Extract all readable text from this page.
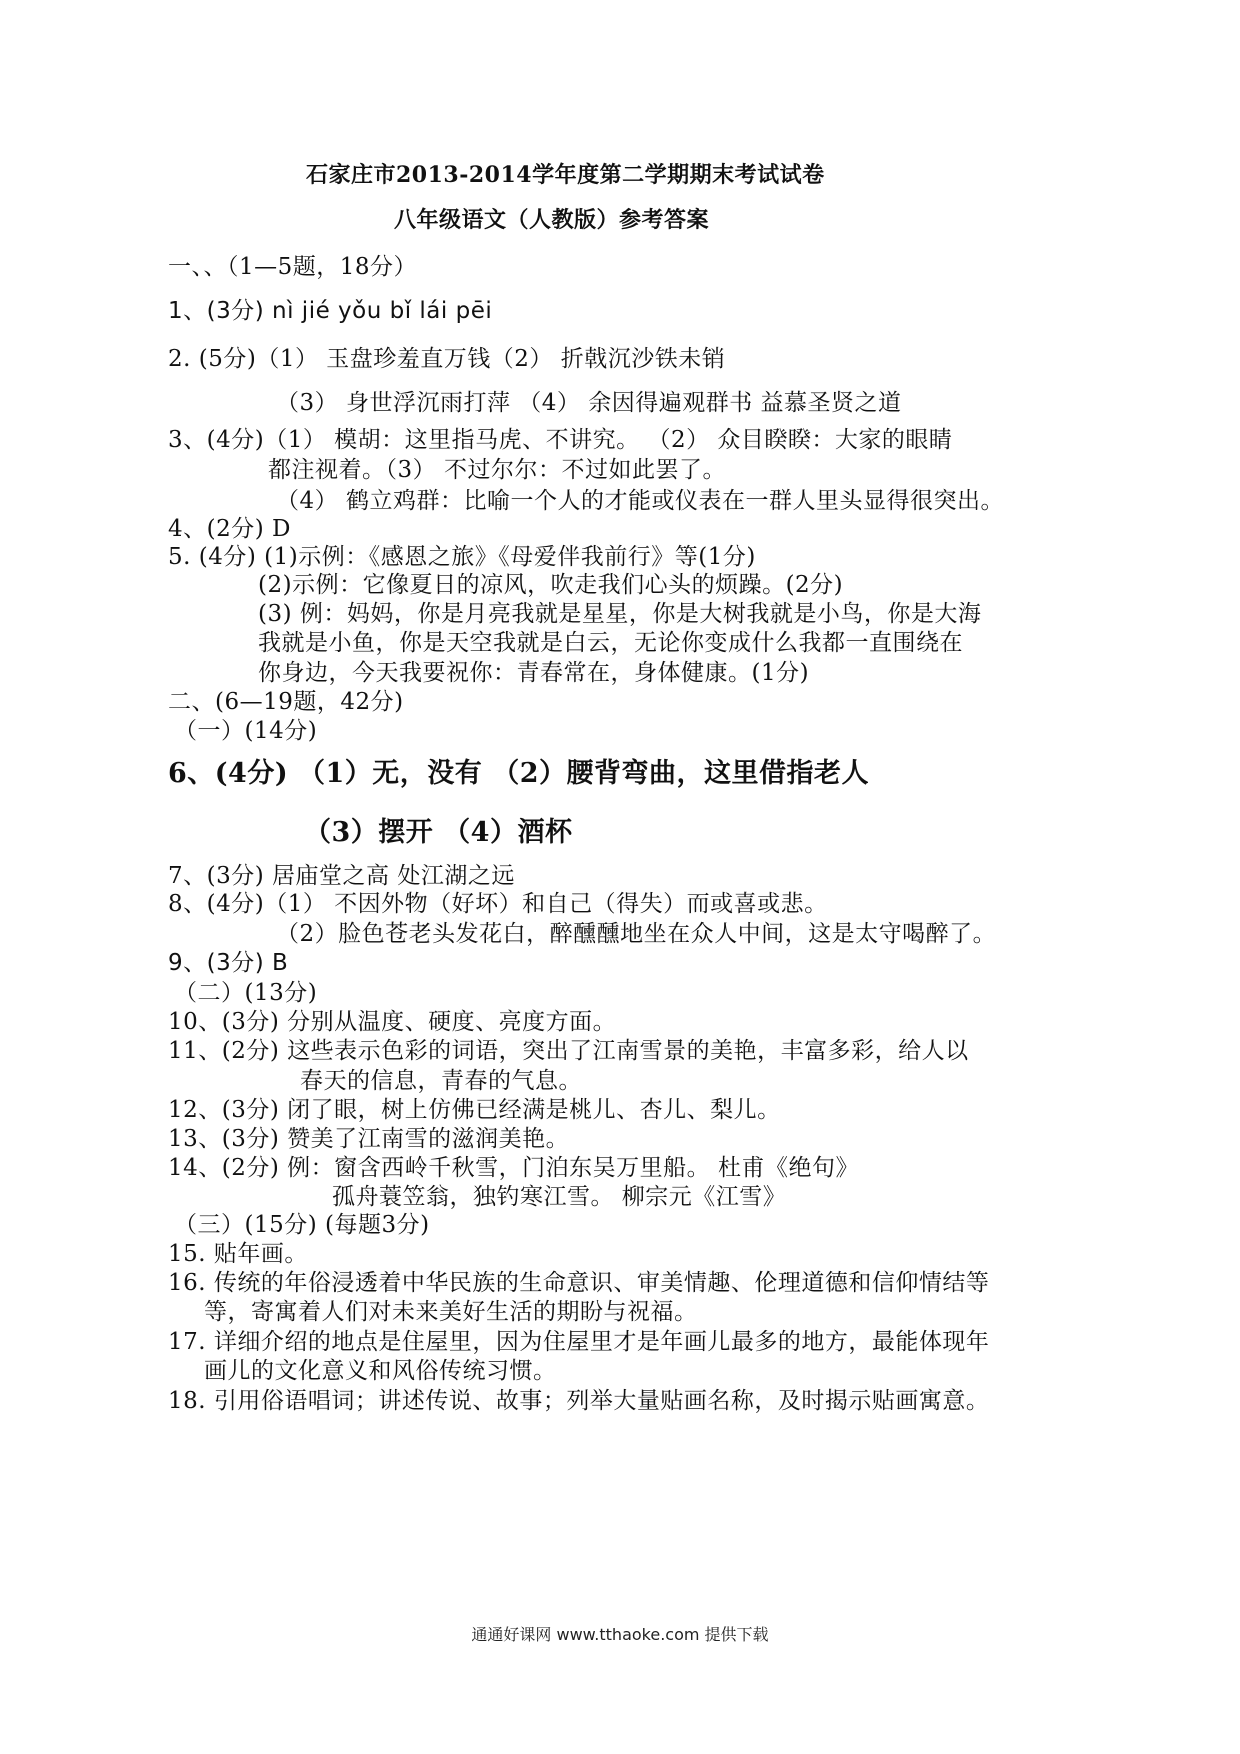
石家庄市2013-2014学年度第二学期期末考试试卷
八年级语文（人教版）参考答案
一、、（1—5题，18分）
1、(3分) nì jié yǒu bǐ lái pēi
2. (5分)（1） 玉盘珍羞直万钱（2） 折戟沉沙铁未销
（3） 身世浮沉雨打萍 （4） 余因得遍观群书 益慕圣贤之道
3、(4分)（1） 模胡：这里指马虎、不讲究。 （2） 众目睽睽：大家的眼睛
都注视着。（3） 不过尔尔：不过如此罢了。
（4） 鹤立鸡群：比喻一个人的才能或仪表在一群人里头显得很突出。
4、(2分) D
5. (4分) (1)示例：《感恩之旅》《母爱伴我前行》等(1分)
(2)示例：它像夏日的凉风，吹走我们心头的烦躁。(2分)
(3) 例：妈妈，你是月亮我就是星星，你是大树我就是小鸟，你是大海
我就是小鱼，你是天空我就是白云，无论你变成什么我都一直围绕在
你身边，今天我要祝你：青春常在，身体健康。(1分)
二、(6—19题，42分)
（一）(14分)
6、(4分) （1）无，没有 （2）腰背弯曲，这里借指老人
（3）摆开 （4）酒杯
7、(3分) 居庙堂之高 处江湖之远
8、(4分)（1） 不因外物（好坏）和自己（得失）而或喜或悲。
（2）脸色苍老头发花白，醉醺醺地坐在众人中间，这是太守喝醉了。
9、(3分) B
（二）(13分)
10、(3分) 分别从温度、硬度、亮度方面。
11、(2分) 这些表示色彩的词语，突出了江南雪景的美艳，丰富多彩，给人以
春天的信息，青春的气息。
12、(3分) 闭了眼，树上仿佛已经满是桃儿、杏儿、梨儿。
13、(3分) 赞美了江南雪的滋润美艳。
14、(2分) 例：窗含西岭千秋雪，门泊东吴万里船。 杜甫《绝句》
孤舟蓑笠翁，独钓寒江雪。 柳宗元《江雪》
（三）(15分) (每题3分)
15. 贴年画。
16. 传统的年俗浸透着中华民族的生命意识、审美情趣、伦理道德和信仰情结等
等，寄寓着人们对未来美好生活的期盼与祝福。
17. 详细介绍的地点是住屋里，因为住屋里才是年画儿最多的地方，最能体现年
画儿的文化意义和风俗传统习惯。
18. 引用俗语唱词；讲述传说、故事；列举大量贴画名称，及时揭示贴画寓意。
通通好课网 www.tthaoke.com 提供下载
